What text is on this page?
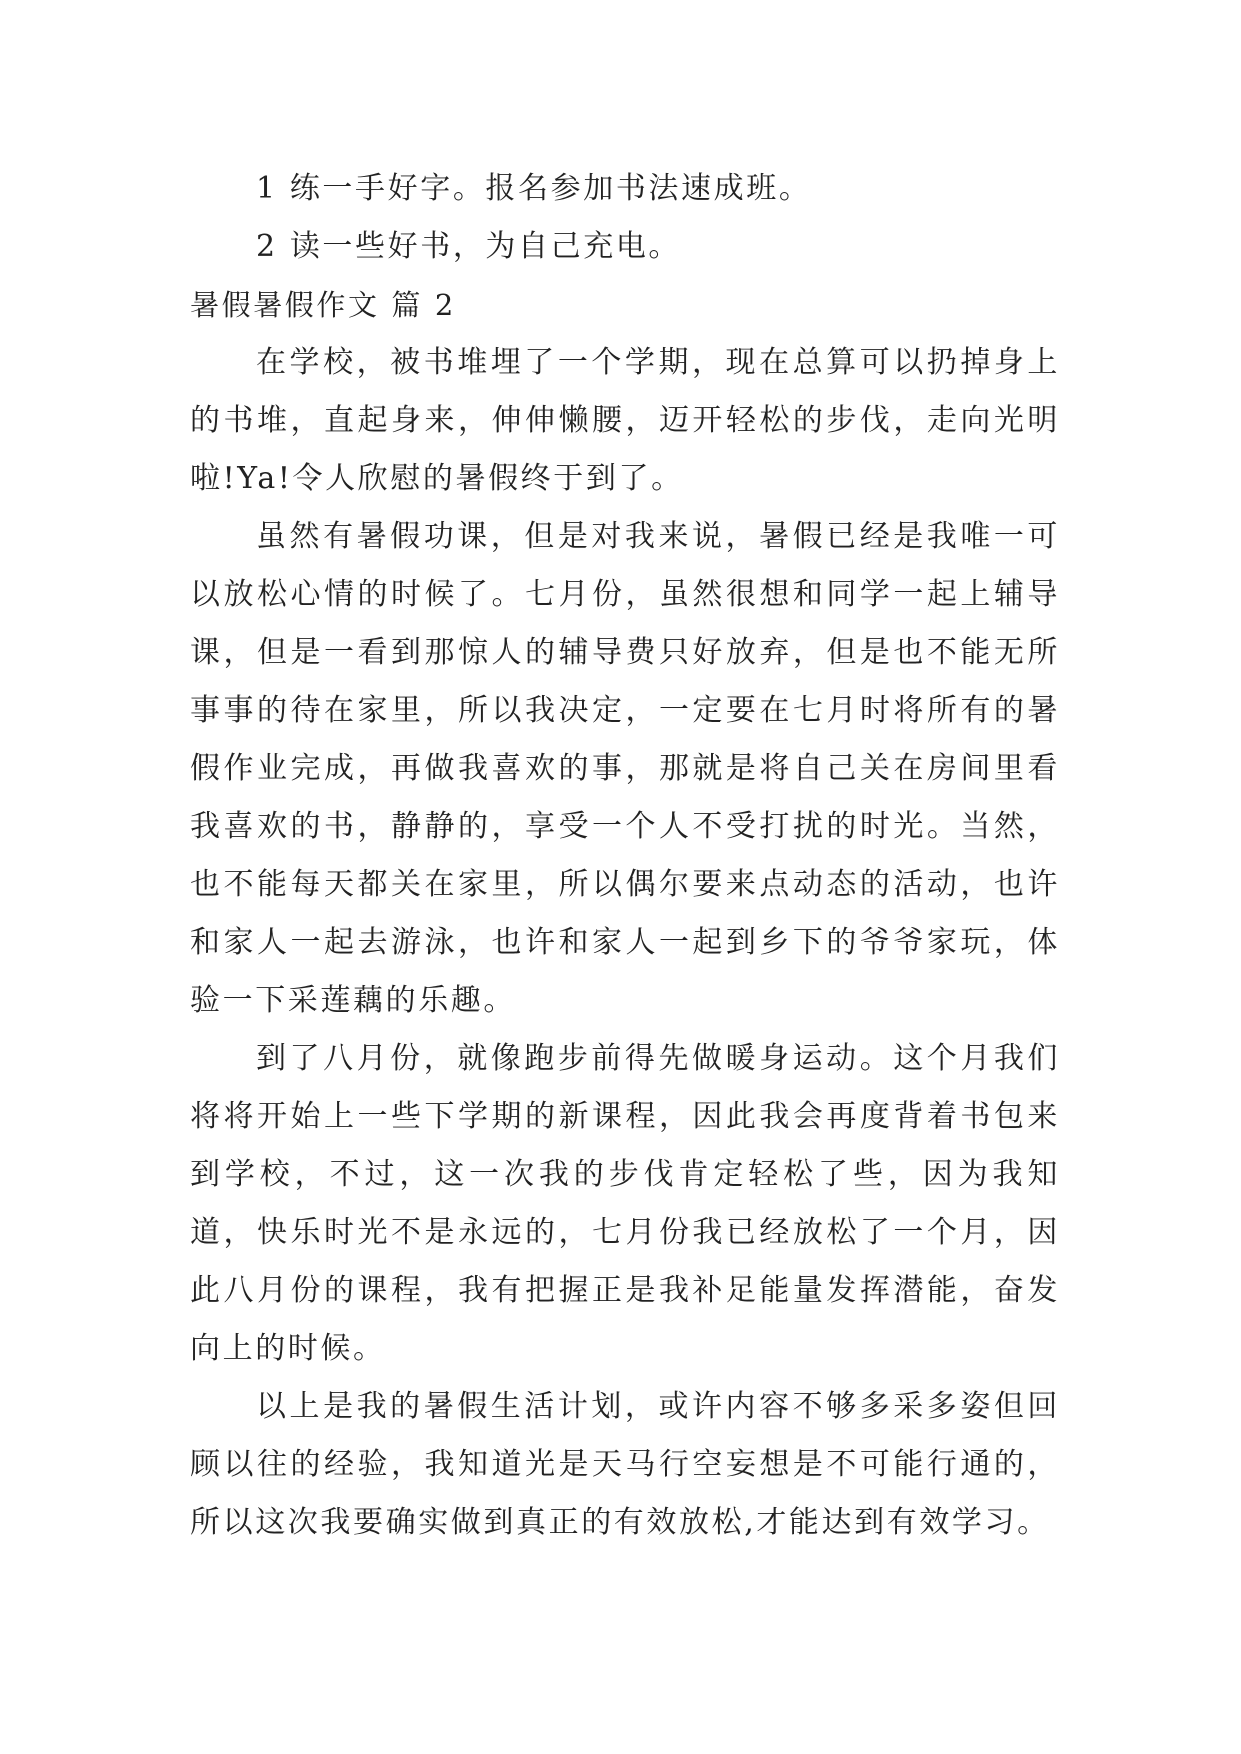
1 练一手好字。报名参加书法速成班。

2 读一些好书，为自己充电。

暑假暑假作文 篇 2

在学校，被书堆埋了一个学期，现在总算可以扔掉身上的书堆，直起身来，伸伸懒腰，迈开轻松的步伐，走向光明啦!Ya!令人欣慰的暑假终于到了。

虽然有暑假功课，但是对我来说，暑假已经是我唯一可以放松心情的时候了。七月份，虽然很想和同学一起上辅导课，但是一看到那惊人的辅导费只好放弃，但是也不能无所事事的待在家里，所以我决定，一定要在七月时将所有的暑假作业完成，再做我喜欢的事，那就是将自己关在房间里看我喜欢的书，静静的，享受一个人不受打扰的时光。当然，也不能每天都关在家里，所以偶尔要来点动态的活动，也许和家人一起去游泳，也许和家人一起到乡下的爷爷家玩，体验一下采莲藕的乐趣。

到了八月份，就像跑步前得先做暖身运动。这个月我们将将开始上一些下学期的新课程，因此我会再度背着书包来到学校，不过，这一次我的步伐肯定轻松了些，因为我知道，快乐时光不是永远的，七月份我已经放松了一个月，因此八月份的课程，我有把握正是我补足能量发挥潜能，奋发向上的时候。

以上是我的暑假生活计划，或许内容不够多采多姿但回顾以往的经验，我知道光是天马行空妄想是不可能行通的，所以这次我要确实做到真正的有效放松,才能达到有效学习。
